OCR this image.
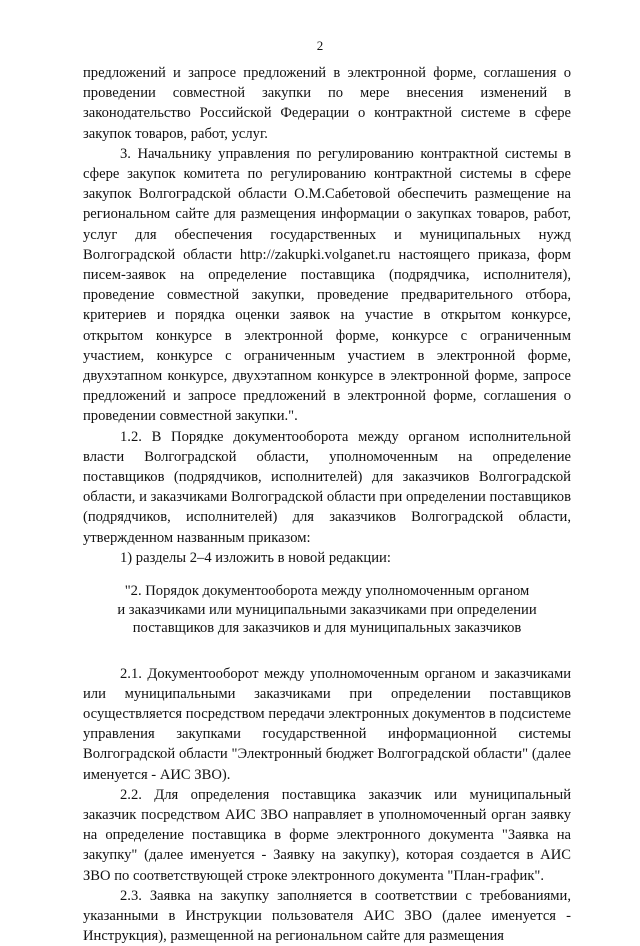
2

предложений и запросе предложений в электронной форме, соглашения о проведении совместной закупки по мере внесения изменений в законодательство Российской Федерации о контрактной системе в сфере закупок товаров, работ, услуг.

3. Начальнику управления по регулированию контрактной системы в сфере закупок комитета по регулированию контрактной системы в сфере закупок Волгоградской области О.М.Сабетовой обеспечить размещение на региональном сайте для размещения информации о закупках товаров, работ, услуг для обеспечения государственных и муниципальных нужд Волгоградской области http://zakupki.volganet.ru настоящего приказа, форм писем-заявок на определение поставщика (подрядчика, исполнителя), проведение совместной закупки, проведение предварительного отбора, критериев и порядка оценки заявок на участие в открытом конкурсе, открытом конкурсе в электронной форме, конкурсе с ограниченным участием, конкурсе с ограниченным участием в электронной форме, двухэтапном конкурсе, двухэтапном конкурсе в электронной форме, запросе предложений и запросе предложений в электронной форме, соглашения о проведении совместной закупки.".

1.2. В Порядке документооборота между органом исполнительной власти Волгоградской области, уполномоченным на определение поставщиков (подрядчиков, исполнителей) для заказчиков Волгоградской области, и заказчиками Волгоградской области при определении поставщиков (подрядчиков, исполнителей) для заказчиков Волгоградской области, утвержденном названным приказом:

1) разделы 2–4 изложить в новой редакции:

"2. Порядок документооборота между уполномоченным органом
и заказчиками или муниципальными заказчиками при определении
поставщиков для заказчиков и для муниципальных заказчиков

2.1. Документооборот между уполномоченным органом и заказчиками или муниципальными заказчиками при определении поставщиков осуществляется посредством передачи электронных документов в подсистеме управления закупками государственной информационной системы Волгоградской области "Электронный бюджет Волгоградской области" (далее именуется - АИС ЗВО).

2.2. Для определения поставщика заказчик или муниципальный заказчик посредством АИС ЗВО направляет в уполномоченный орган заявку на определение поставщика в форме электронного документа "Заявка на закупку" (далее именуется - Заявку на закупку), которая создается в АИС ЗВО по соответствующей строке электронного документа "План-график".

2.3. Заявка на закупку заполняется в соответствии с требованиями, указанными в Инструкции пользователя АИС ЗВО (далее именуется - Инструкция), размещенной на региональном сайте для размещения
